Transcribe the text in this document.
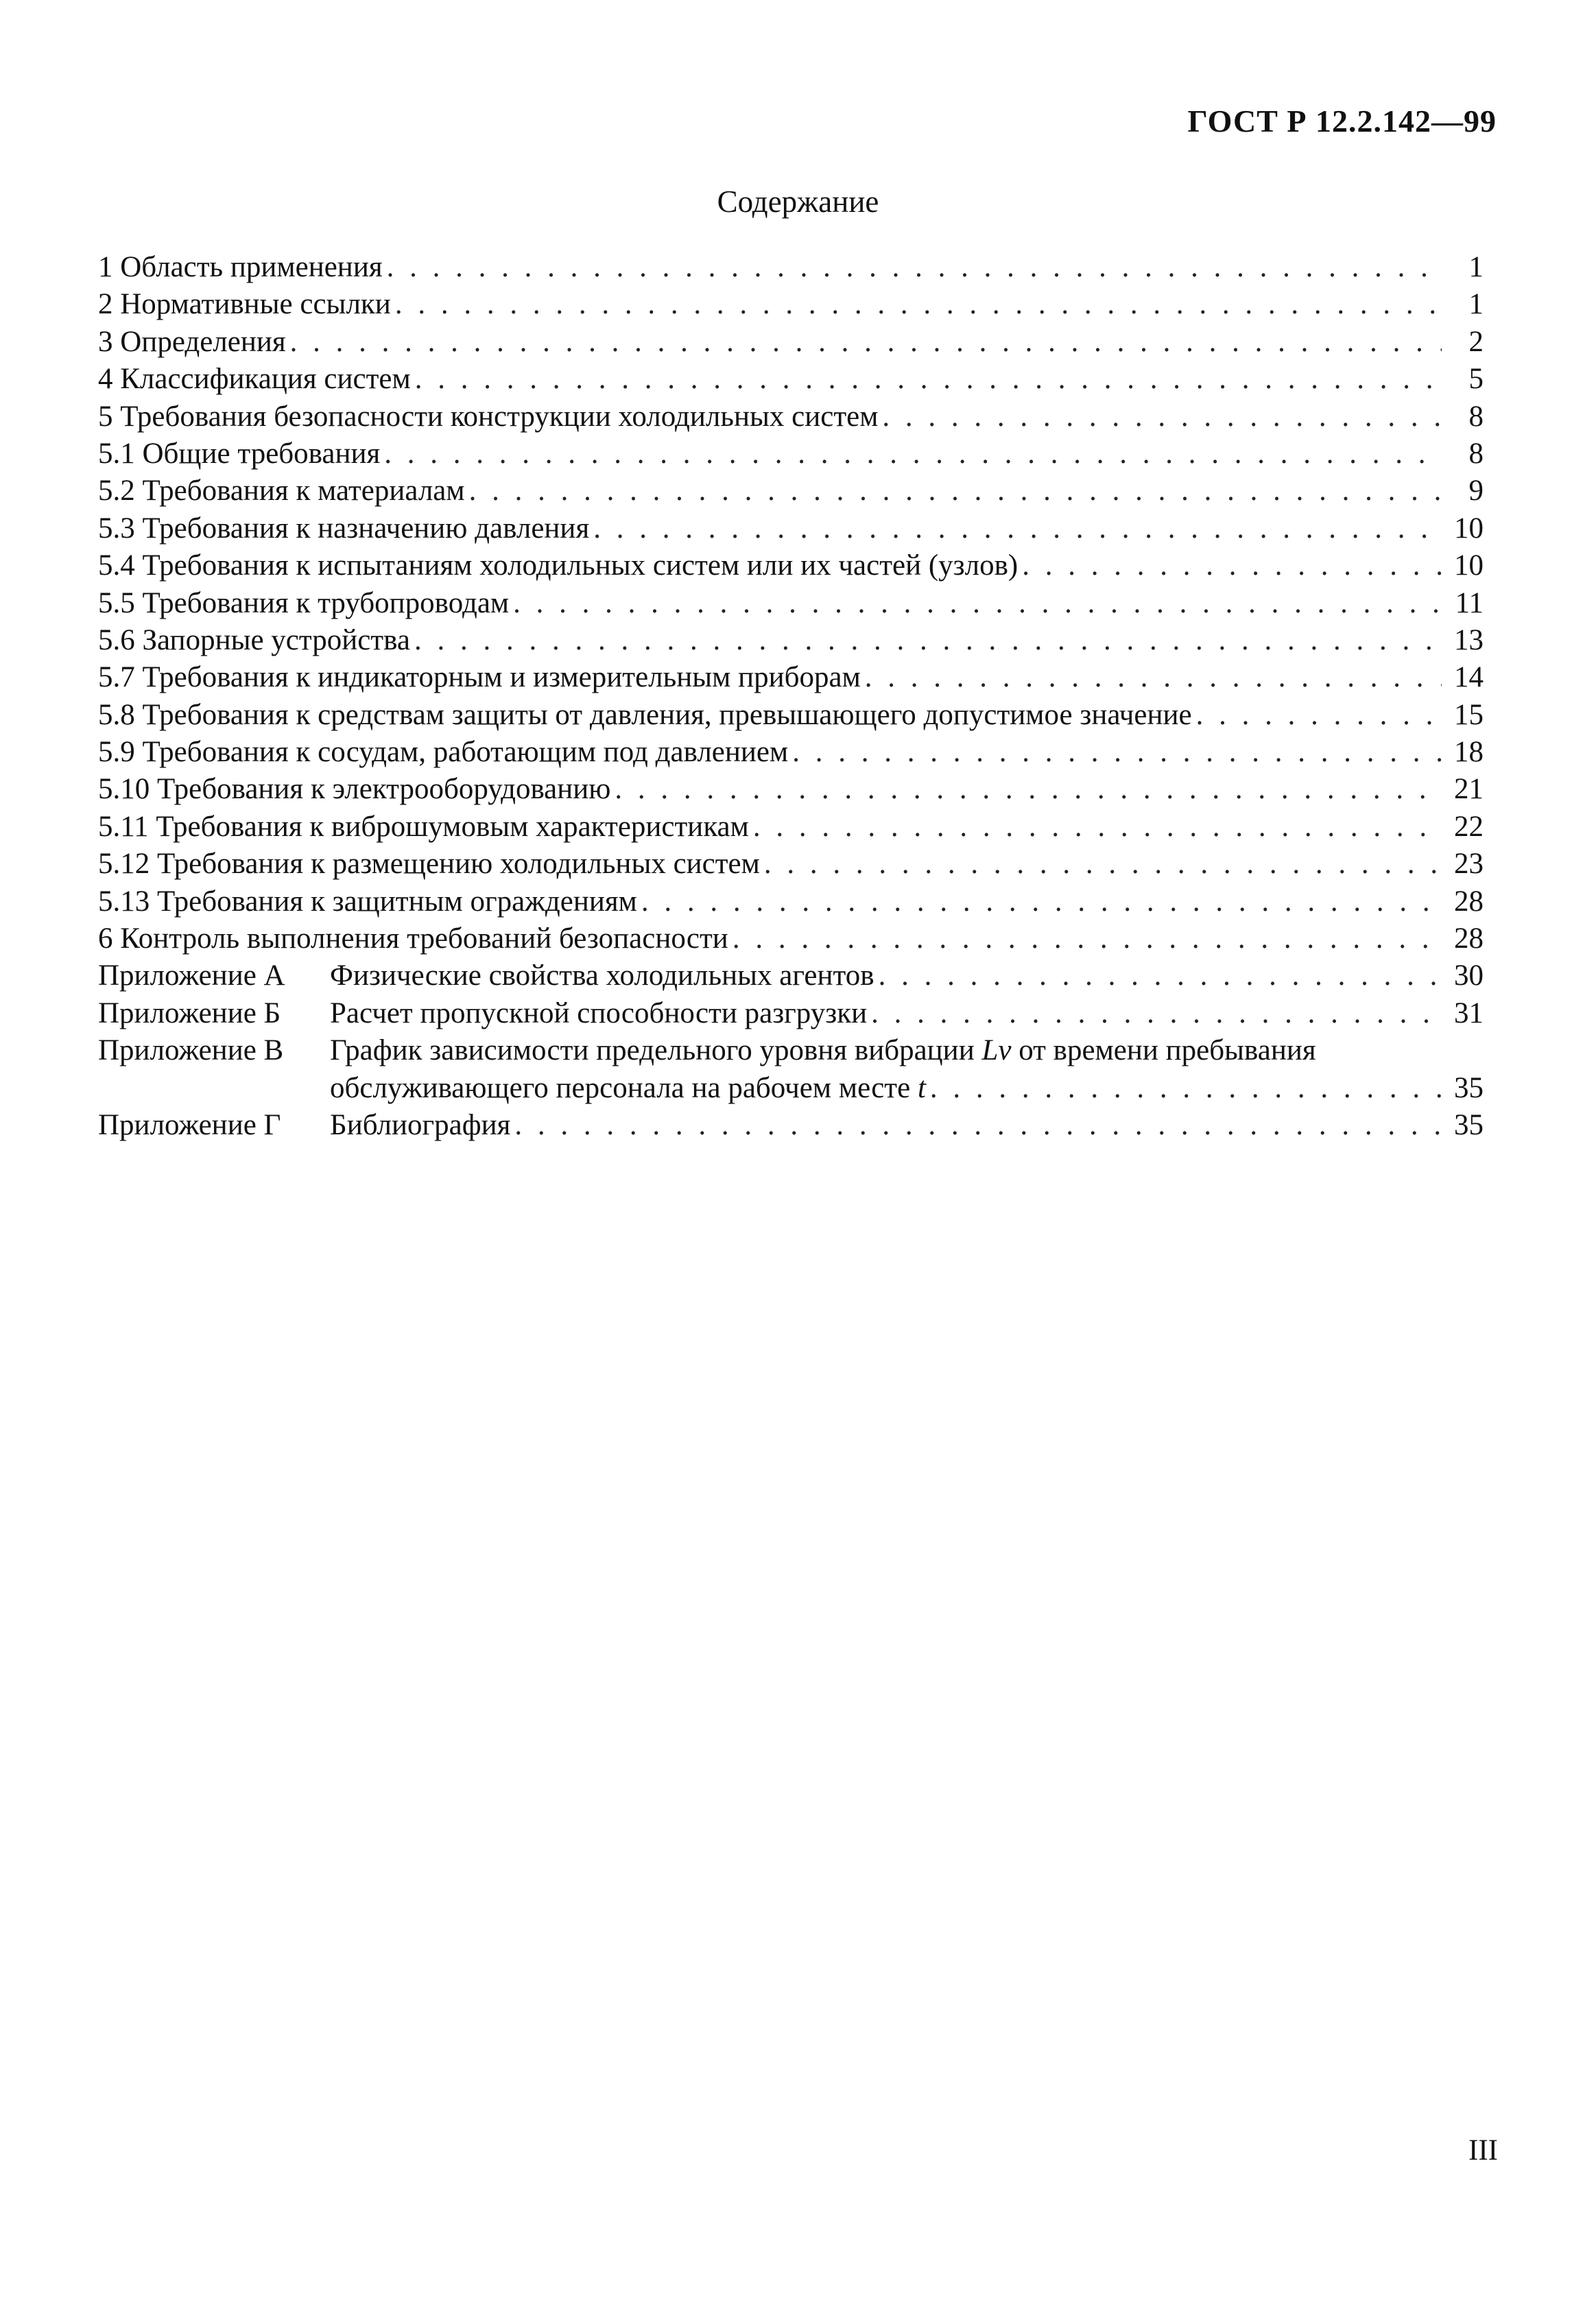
ГОСТ Р 12.2.142—99
Содержание
1 Область применения . . .	1
2 Нормативные ссылки . . .	1
3 Определения . . .	2
4 Классификация систем . . .	5
5 Требования безопасности конструкции холодильных систем . . .	8
5.1 Общие требования . . .	8
5.2 Требования к материалам . . .	9
5.3 Требования к назначению давления . . .	10
5.4 Требования к испытаниям холодильных систем или их частей (узлов) . . .	10
5.5 Требования к трубопроводам . . .	11
5.6 Запорные устройства . . .	13
5.7 Требования к индикаторным и измерительным приборам . . .	14
5.8 Требования к средствам защиты от давления, превышающего допустимое значение . . .	15
5.9 Требования к сосудам, работающим под давлением . . .	18
5.10 Требования к электрооборудованию . . .	21
5.11 Требования к виброшумовым характеристикам . . .	22
5.12 Требования к размещению холодильных систем . . .	23
5.13 Требования к защитным ограждениям . . .	28
6 Контроль выполнения требований безопасности . . .	28
Приложение А Физические свойства холодильных агентов . . .	30
Приложение Б Расчет пропускной способности разгрузки . . .	31
Приложение В График зависимости предельного уровня вибрации Lv от времени пребывания
обслуживающего персонала на рабочем месте t . . .	35
Приложение Г Библиография . . .	35
III
